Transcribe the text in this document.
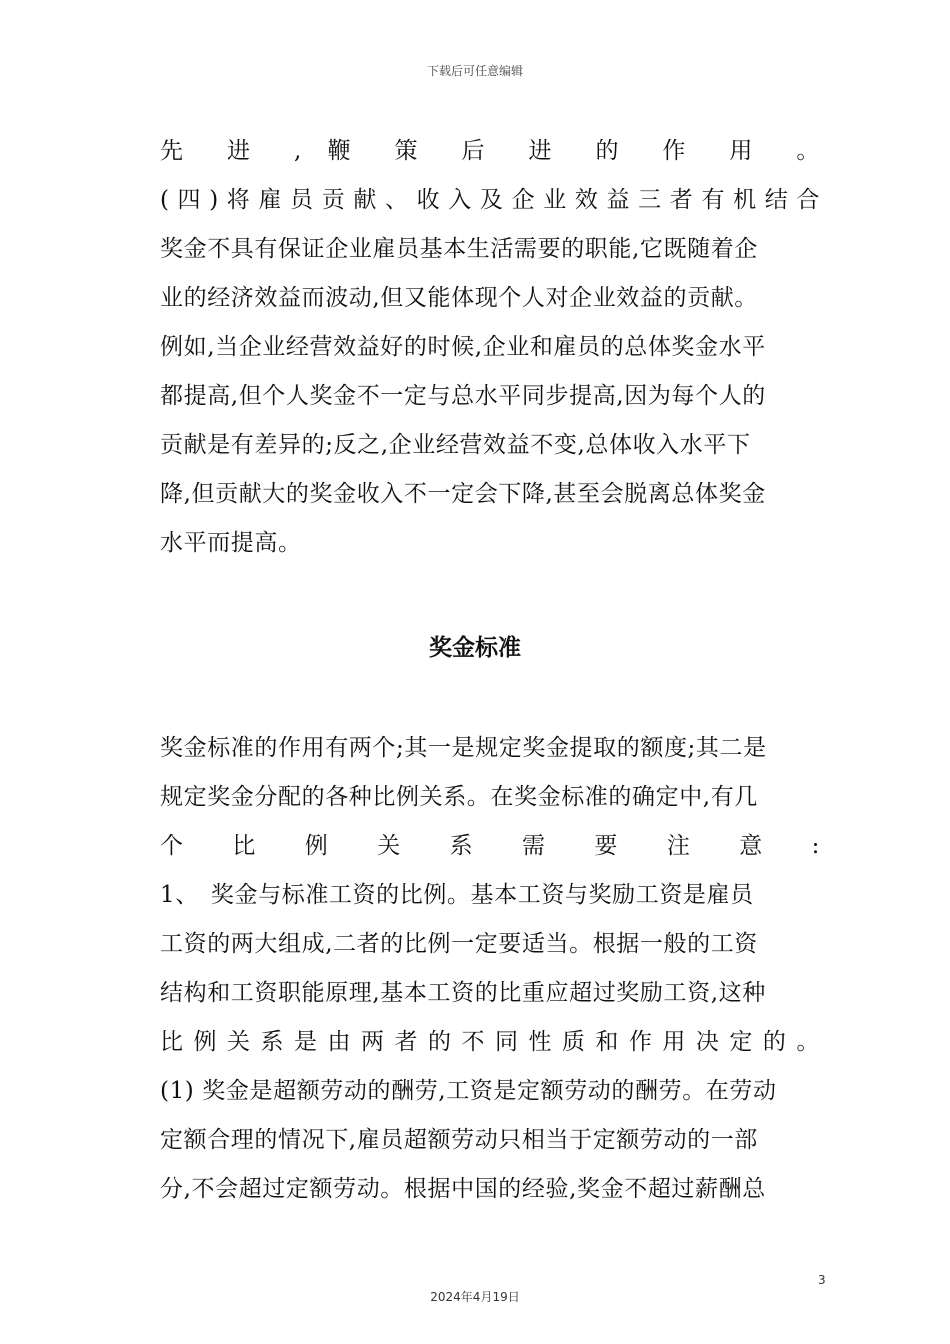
下载后可任意编辑
先 进 , 鞭 策 后 进 的 作 用 。
( 四 ) 将 雇 员 贡 献 、 收 入 及 企 业 效 益 三 者 有 机 结 合
奖金不具有保证企业雇员基本生活需要的职能,它既随着企
业的经济效益而波动,但又能体现个人对企业效益的贡献。
例如,当企业经营效益好的时候,企业和雇员的总体奖金水平
都提高,但个人奖金不一定与总水平同步提高,因为每个人的
贡献是有差异的;反之,企业经营效益不变,总体收入水平下
降,但贡献大的奖金收入不一定会下降,甚至会脱离总体奖金
水平而提高。
奖金标准
奖金标准的作用有两个;其一是规定奖金提取的额度;其二是
规定奖金分配的各种比例关系。在奖金标准的确定中,有几
个 比 例 关 系 需 要 注 意 :
1、　奖金与标准工资的比例。基本工资与奖励工资是雇员
工资的两大组成,二者的比例一定要适当。根据一般的工资
结构和工资职能原理,基本工资的比重应超过奖励工资,这种
比 例 关 系 是 由 两 者 的 不 同 性 质 和 作 用 决 定 的 。
(1) 奖金是超额劳动的酬劳,工资是定额劳动的酬劳。在劳动
定额合理的情况下,雇员超额劳动只相当于定额劳动的一部
分,不会超过定额劳动。根据中国的经验,奖金不超过薪酬总
3
2024年4月19日
